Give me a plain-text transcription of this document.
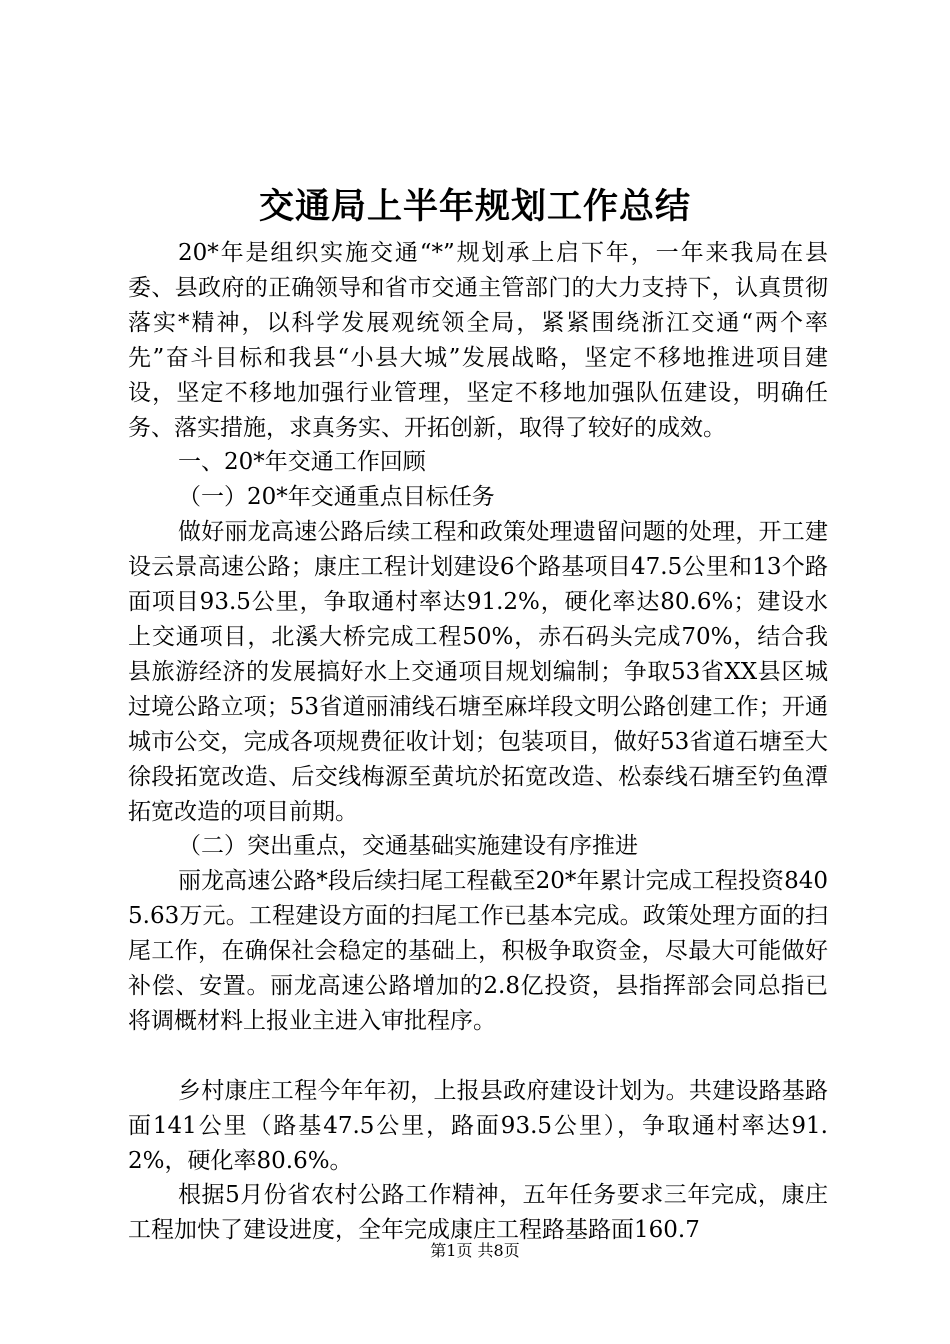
交通局上半年规划工作总结

20*年是组织实施交通“*”规划承上启下年，一年来我局在县委、县政府的正确领导和省市交通主管部门的大力支持下，认真贯彻落实*精神，以科学发展观统领全局，紧紧围绕浙江交通“两个率先”奋斗目标和我县“小县大城”发展战略，坚定不移地推进项目建设，坚定不移地加强行业管理，坚定不移地加强队伍建设，明确任务、落实措施，求真务实、开拓创新，取得了较好的成效。

一、20*年交通工作回顾

（一）20*年交通重点目标任务

做好丽龙高速公路后续工程和政策处理遗留问题的处理，开工建设云景高速公路；康庄工程计划建设6个路基项目47.5公里和13个路面项目93.5公里，争取通村率达91.2%，硬化率达80.6%；建设水上交通项目，北溪大桥完成工程50%，赤石码头完成70%，结合我县旅游经济的发展搞好水上交通项目规划编制；争取53省XX县区城过境公路立项；53省道丽浦线石塘至麻垟段文明公路创建工作；开通城市公交，完成各项规费征收计划；包装项目，做好53省道石塘至大徐段拓宽改造、后交线梅源至黄坑於拓宽改造、松泰线石塘至钓鱼潭拓宽改造的项目前期。

（二）突出重点，交通基础实施建设有序推进

丽龙高速公路*段后续扫尾工程截至20*年累计完成工程投资8405.63万元。工程建设方面的扫尾工作已基本完成。政策处理方面的扫尾工作，在确保社会稳定的基础上，积极争取资金，尽最大可能做好补偿、安置。丽龙高速公路增加的2.8亿投资，县指挥部会同总指已将调概材料上报业主进入审批程序。

乡村康庄工程今年年初，上报县政府建设计划为。共建设路基路面141公里（路基47.5公里，路面93.5公里），争取通村率达91.2%，硬化率80.6%。

根据5月份省农村公路工作精神，五年任务要求三年完成，康庄工程加快了建设进度，全年完成康庄工程路基路面160.7

第1页 共8页
